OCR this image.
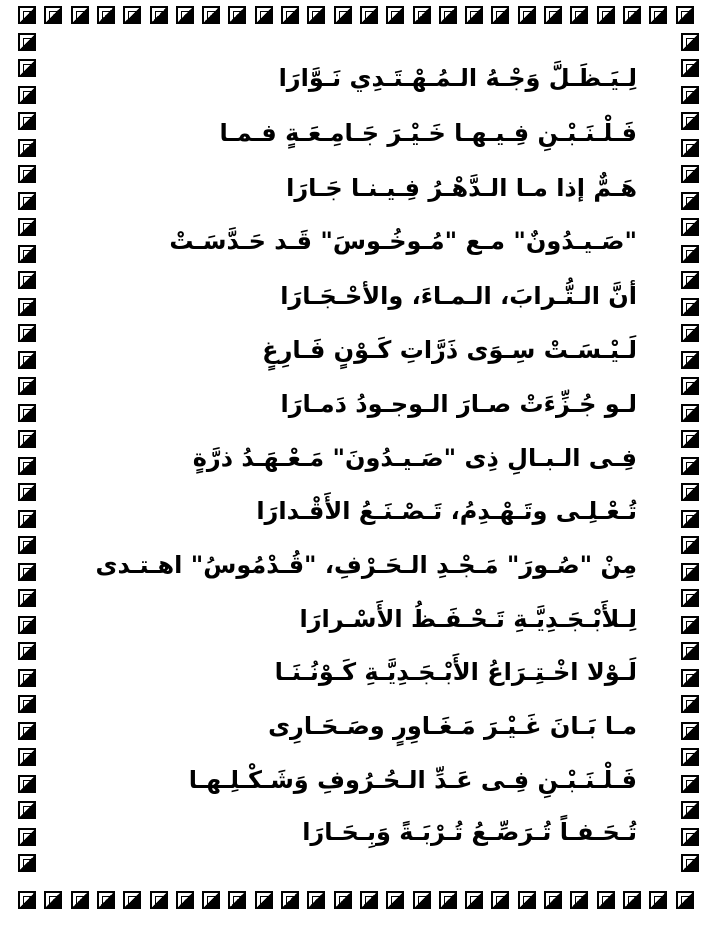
لِـيَـظَـلَّ وَجْـهُ الـمُـهْـتَـدِي نَـوَّارَا
فَـلْـنَـبْـنِ فِـيـهـا خَـيْـرَ جَـامِـعَـةٍ فـمـا
هَـمٌّ إذا مـا الـدَّهْـرُ فِـيـنـا جَـارَا
"صَـيـدُونٌ" مـع "مُـوخُـوسَ" قَـد حَـدَّسَـتْ
أنَّ الـتُّـرابَ، الـمـاءَ، والأحْـجَـارَا
لَـيْـسَـتْ سِـوَى ذَرَّاتِ كَـوْنٍ فَـارِغٍ
لـو جُـزِّءَتْ صـارَ الـوجـودُ دَمـارَا
فِـى الـبـالِ ذِى "صَـيـدُونَ" مَـعْـهَـدُ ذرَّةٍ
تُـعْـلِـى وتَـهْـدِمُ، تَـصْـنَـعُ الأَقْـدارَا
مِنْ "صُـورَ" مَـجْـدِ الـحَـرْفِ، "قُـدْمُوسُ" اهـتـدى
لِـلأَبْـجَـدِيَّـةِ تَـحْـفَـظُ الأَسْـرارَا
لَـوْلا اخْـتِـرَاعُ الأَبْـجَـدِيَّـةِ كَـوْنُـنَـا
مـا بَـانَ غَـيْـرَ مَـغَـاوِرٍ وصَـحَـارِى
فَـلْـنَـبْـنِ فِـى عَـدِّ الـحُـرُوفِ وَشَـكْـلِـهـا
تُـحَـفـاً تُـرَصِّـعُ تُـرْبَـةً وَبِـحَـارَا
